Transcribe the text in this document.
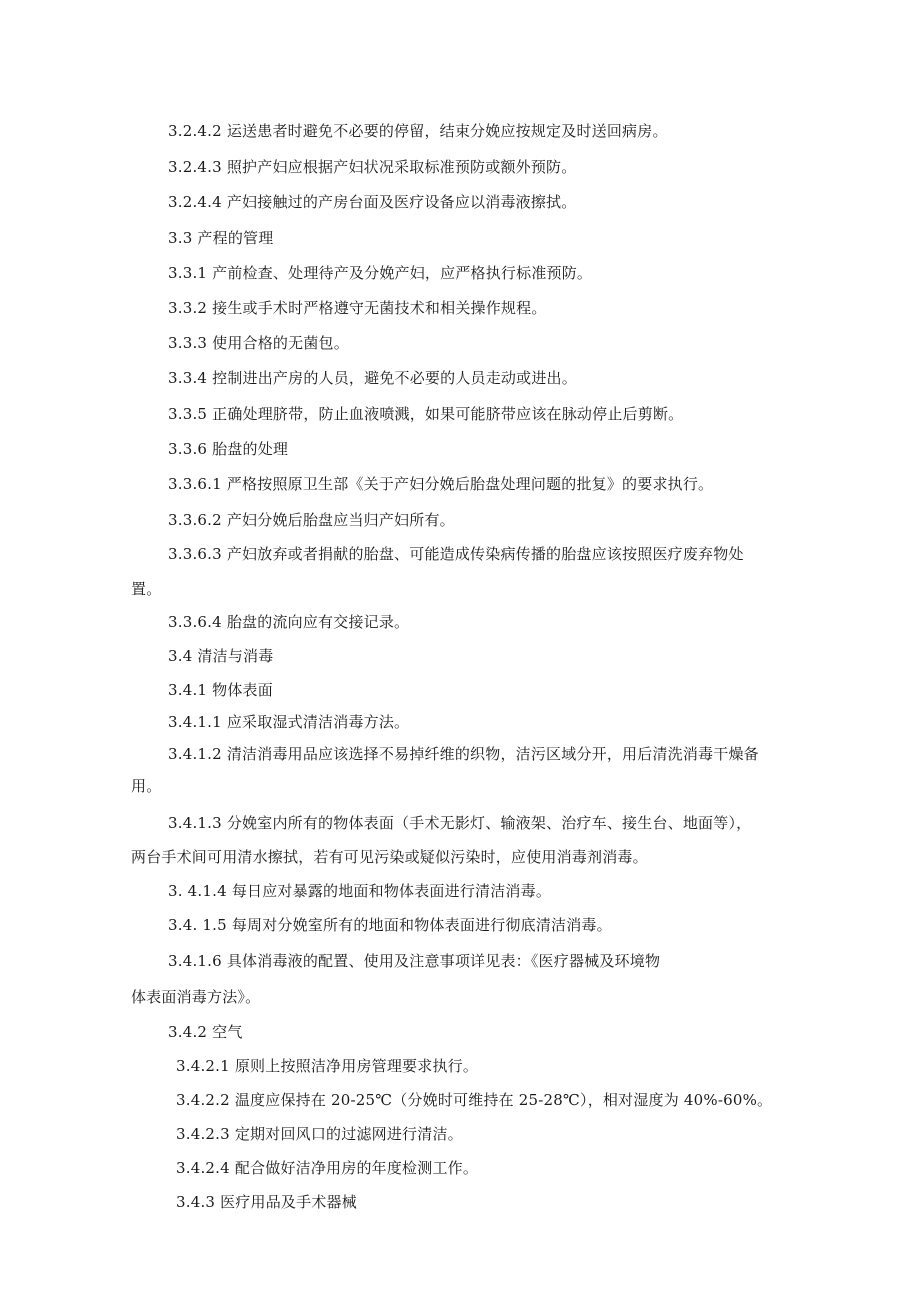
3.2.4.2 运送患者时避免不必要的停留，结束分娩应按规定及时送回病房。
3.2.4.3 照护产妇应根据产妇状况采取标准预防或额外预防。
3.2.4.4 产妇接触过的产房台面及医疗设备应以消毒液擦拭。
3.3 产程的管理
3.3.1 产前检查、处理待产及分娩产妇，应严格执行标准预防。
3.3.2 接生或手术时严格遵守无菌技术和相关操作规程。
3.3.3 使用合格的无菌包。
3.3.4 控制进出产房的人员，避免不必要的人员走动或进出。
3.3.5 正确处理脐带，防止血液喷溅，如果可能脐带应该在脉动停止后剪断。
3.3.6 胎盘的处理
3.3.6.1 严格按照原卫生部《关于产妇分娩后胎盘处理问题的批复》的要求执行。
3.3.6.2 产妇分娩后胎盘应当归产妇所有。
3.3.6.3 产妇放弃或者捐献的胎盘、可能造成传染病传播的胎盘应该按照医疗废弃物处
置。
3.3.6.4 胎盘的流向应有交接记录。
3.4 清洁与消毒
3.4.1 物体表面
3.4.1.1 应采取湿式清洁消毒方法。
3.4.1.2 清洁消毒用品应该选择不易掉纤维的织物，洁污区域分开，用后清洗消毒干燥备
用。
3.4.1.3 分娩室内所有的物体表面（手术无影灯、输液架、治疗车、接生台、地面等），
两台手术间可用清水擦拭，若有可见污染或疑似污染时，应使用消毒剂消毒。
3. 4.1.4 每日应对暴露的地面和物体表面进行清洁消毒。
3.4. 1.5 每周对分娩室所有的地面和物体表面进行彻底清洁消毒。
3.4.1.6 具体消毒液的配置、使用及注意事项详见表：《医疗器械及环境物
体表面消毒方法》。
3.4.2 空气
3.4.2.1 原则上按照洁净用房管理要求执行。
3.4.2.2 温度应保持在 20-25℃（分娩时可维持在 25-28℃），相对湿度为 40%-60%。
3.4.2.3 定期对回风口的过滤网进行清洁。
3.4.2.4 配合做好洁净用房的年度检测工作。
3.4.3 医疗用品及手术器械
